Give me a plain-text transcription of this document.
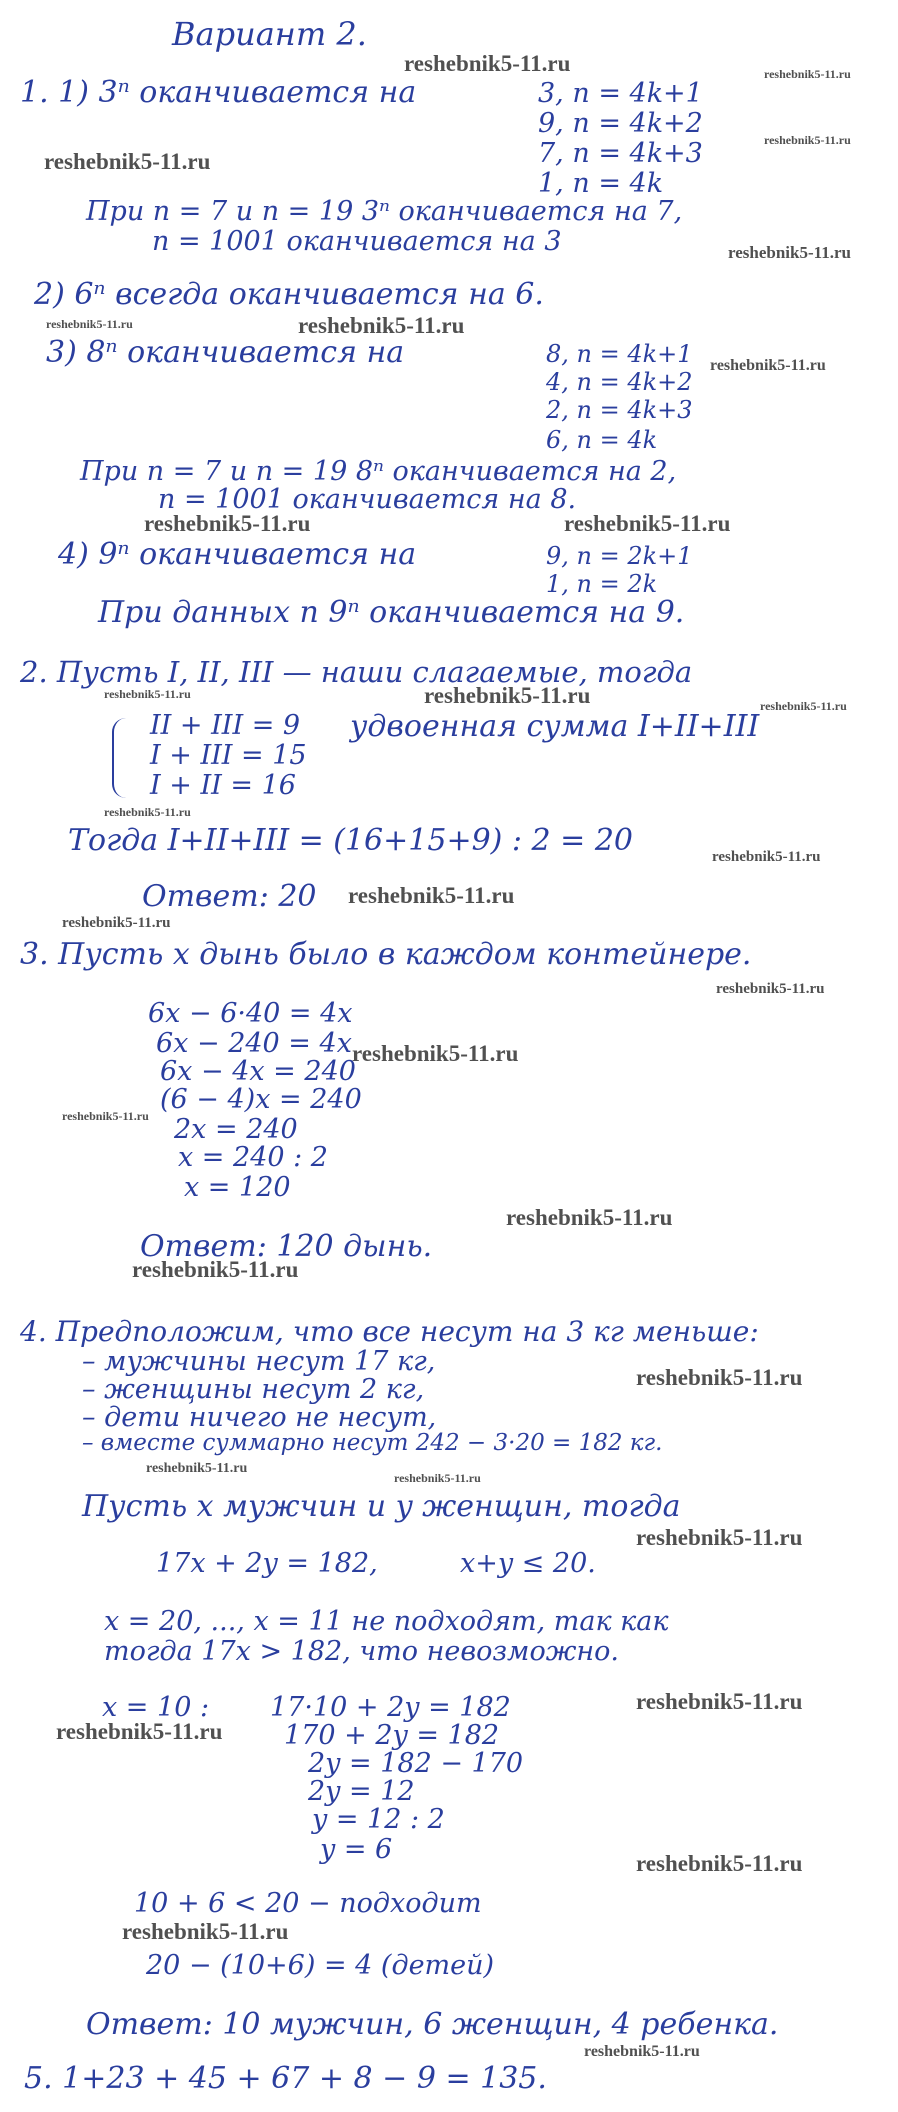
Вариант 2.
1. 1) 3ⁿ оканчивается на	3, n = 4k+1
9, n = 4k+2
7, n = 4k+3
1, n = 4k
При n = 7 и n = 19 3ⁿ оканчивается на 7,
n = 1001 оканчивается на 3
2) 6ⁿ всегда оканчивается на 6.
3) 8ⁿ оканчивается на	8, n = 4k+1
4, n = 4k+2
2, n = 4k+3
6, n = 4k
При n = 7 и n = 19 8ⁿ оканчивается на 2,
n = 1001 оканчивается на 8.
4) 9ⁿ оканчивается на	9, n = 2k+1
1, n = 2k
При данных n 9ⁿ оканчивается на 9.
2. Пусть I, II, III — наши слагаемые, тогда
II + III = 9
I + III = 15
I + II = 16
удвоенная сумма I+II+III
Тогда I+II+III = (16+15+9) : 2 = 20
Ответ: 20
3. Пусть x дынь было в каждом контейнере.
6x − 6·40 = 4x
6x − 240 = 4x
6x − 4x = 240
(6 − 4)x = 240
2x = 240
x = 240 : 2
x = 120
Ответ: 120 дынь.
4. Предположим, что все несут на 3 кг меньше:
– мужчины несут 17 кг,
– женщины несут 2 кг,
– дети ничего не несут,
– вместе суммарно несут 242 − 3·20 = 182 кг.
Пусть x мужчин и y женщин, тогда
17x + 2y = 182,	x+y ≤ 20.
x = 20, ..., x = 11 не подходят, так как
тогда 17x > 182, что невозможно.
x = 10 : 17·10 + 2y = 182
170 + 2y = 182
2y = 182 − 170
2y = 12
y = 12 : 2
y = 6
10 + 6 < 20 − подходит
20 − (10+6) = 4 (детей)
Ответ: 10 мужчин, 6 женщин, 4 ребенка.
5. 1+23 + 45 + 67 + 8 − 9 = 135.
reshebnik5-11.ru	reshebnik5-11.ru
reshebnik5-11.ru
reshebnik5-11.ru
reshebnik5-11.ru
reshebnik5-11.ru	reshebnik5-11.ru
reshebnik5-11.ru
reshebnik5-11.ru	reshebnik5-11.ru
reshebnik5-11.ru	reshebnik5-11.ru	reshebnik5-11.ru
reshebnik5-11.ru
reshebnik5-11.ru
reshebnik5-11.ru
reshebnik5-11.ru
reshebnik5-11.ru
reshebnik5-11.ru
reshebnik5-11.ru
reshebnik5-11.ru
reshebnik5-11.ru
reshebnik5-11.ru
reshebnik5-11.ru
reshebnik5-11.ru
reshebnik5-11.ru
reshebnik5-11.ru
reshebnik5-11.ru
reshebnik5-11.ru
reshebnik5-11.ru
reshebnik5-11.ru
